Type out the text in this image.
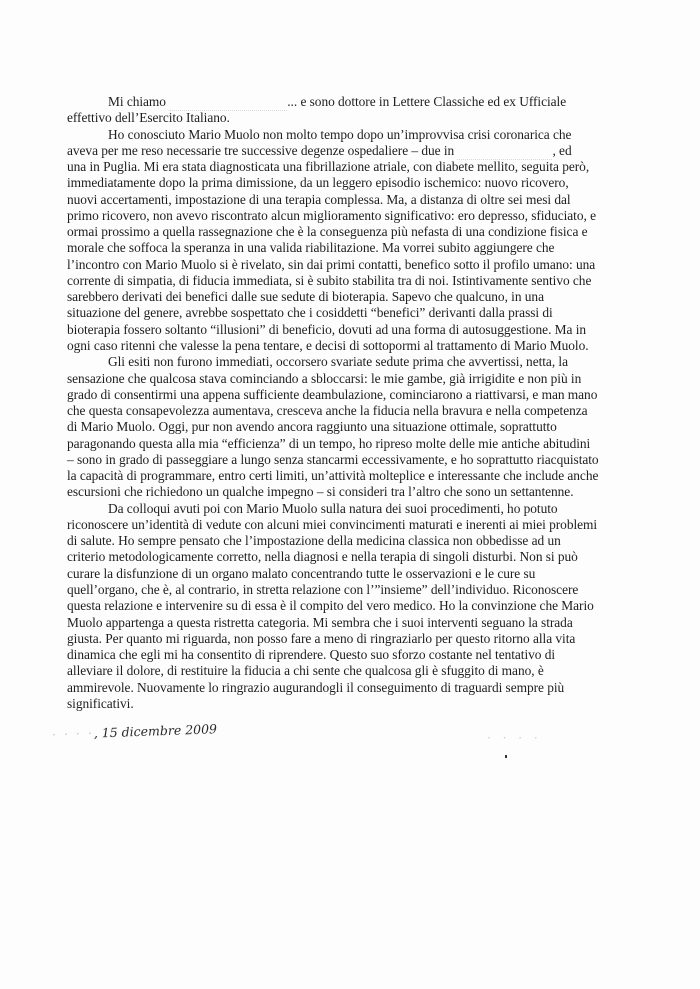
Mi chiamo	... e sono dottore in Lettere Classiche ed ex Ufficiale
effettivo dell’Esercito Italiano.
Ho conosciuto Mario Muolo non molto tempo dopo un’improvvisa crisi coronarica che
aveva per me reso necessarie tre successive degenze ospedaliere – due in	, ed
una in Puglia. Mi era stata diagnosticata una fibrillazione atriale, con diabete mellito, seguita però,
immediatamente dopo la prima dimissione, da un leggero episodio ischemico: nuovo ricovero,
nuovi accertamenti, impostazione di una terapia complessa. Ma, a distanza di oltre sei mesi dal
primo ricovero, non avevo riscontrato alcun miglioramento significativo: ero depresso, sfiduciato, e
ormai prossimo a quella rassegnazione che è la conseguenza più nefasta di una condizione fisica e
morale che soffoca la speranza in una valida riabilitazione. Ma vorrei subito aggiungere che
l’incontro con Mario Muolo si è rivelato, sin dai primi contatti, benefico sotto il profilo umano: una
corrente di simpatia, di fiducia immediata, si è subito stabilita tra di noi. Istintivamente sentivo che
sarebbero derivati dei benefici dalle sue sedute di bioterapia. Sapevo che qualcuno, in una
situazione del genere, avrebbe sospettato che i cosiddetti “benefici” derivanti dalla prassi di
bioterapia fossero soltanto “illusioni” di beneficio, dovuti ad una forma di autosuggestione. Ma in
ogni caso ritenni che valesse la pena tentare, e decisi di sottopormi al trattamento di Mario Muolo.
Gli esiti non furono immediati, occorsero svariate sedute prima che avvertissi, netta, la
sensazione che qualcosa stava cominciando a sbloccarsi: le mie gambe, già irrigidite e non più in
grado di consentirmi una appena sufficiente deambulazione, cominciarono a riattivarsi, e man mano
che questa consapevolezza aumentava, cresceva anche la fiducia nella bravura e nella competenza
di Mario Muolo. Oggi, pur non avendo ancora raggiunto una situazione ottimale, soprattutto
paragonando questa alla mia “efficienza” di un tempo, ho ripreso molte delle mie antiche abitudini
– sono in grado di passeggiare a lungo senza stancarmi eccessivamente, e ho soprattutto riacquistato
la capacità di programmare, entro certi limiti, un’attività molteplice e interessante che include anche
escursioni che richiedono un qualche impegno – si consideri tra l’altro che sono un settantenne.
Da colloqui avuti poi con Mario Muolo sulla natura dei suoi procedimenti, ho potuto
riconoscere un’identità di vedute con alcuni miei convincimenti maturati e inerenti ai miei problemi
di salute. Ho sempre pensato che l’impostazione della medicina classica non obbedisse ad un
criterio metodologicamente corretto, nella diagnosi e nella terapia di singoli disturbi. Non si può
curare la disfunzione di un organo malato concentrando tutte le osservazioni e le cure su
quell’organo, che è, al contrario, in stretta relazione con l’”insieme” dell’individuo. Riconoscere
questa relazione e intervenire su di essa è il compito del vero medico. Ho la convinzione che Mario
Muolo appartenga a questa ristretta categoria. Mi sembra che i suoi interventi seguano la strada
giusta. Per quanto mi riguarda, non posso fare a meno di ringraziarlo per questo ritorno alla vita
dinamica che egli mi ha consentito di riprendere. Questo suo sforzo costante nel tentativo di
alleviare il dolore, di restituire la fiducia a chi sente che qualcosa gli è sfuggito di mano, è
ammirevole. Nuovamente lo ringrazio augurandogli il conseguimento di traguardi sempre più
significativi.
· · · ·, 15 dicembre 2009	· · · ·
